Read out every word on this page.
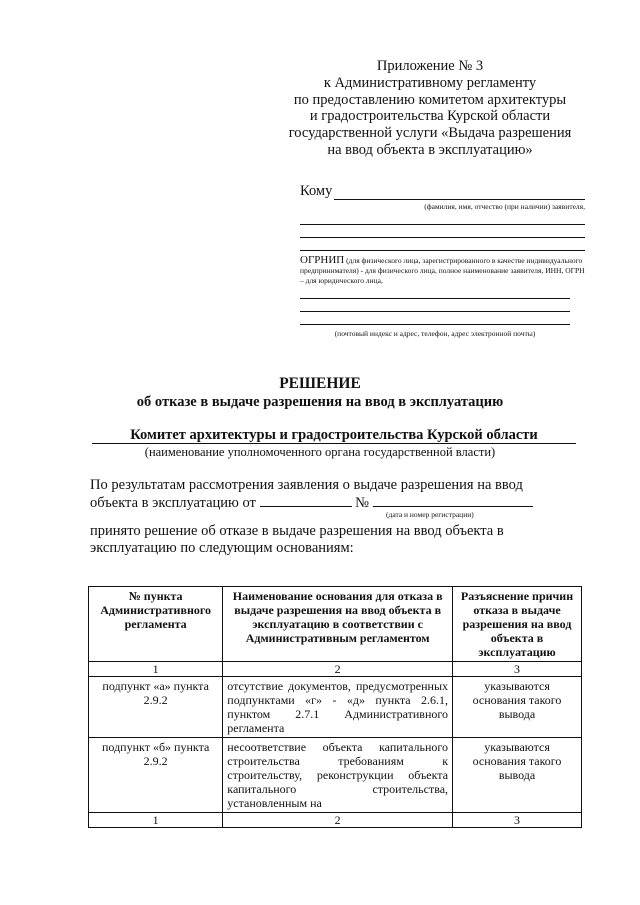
Приложение № 3
к Административному регламенту
по предоставлению комитетом архитектуры
и градостроительства Курской области
государственной услуги «Выдача разрешения
на ввод объекта в эксплуатацию»
Кому
(фамилия, имя, отчество (при наличии) заявителя,
ОГРНИП (для физического лица, зарегистрированного в качестве индивидуального предпринимателя) - для физического лица, полное наименование заявителя, ИНН, ОГРН – для юридического лица,
(почтовый индекс и адрес, телефон, адрес электронной почты)
РЕШЕНИЕ
об отказе в выдаче разрешения на ввод в эксплуатацию
Комитет архитектуры и градостроительства Курской области
(наименование уполномоченного органа государственной власти)
По результатам рассмотрения заявления о выдаче разрешения на ввод
объекта в эксплуатацию от	№
(дата и номер регистрации)
принято решение об отказе в выдаче разрешения на ввод объекта в
эксплуатацию по следующим основаниям:
№ пункта Административного регламента	Наименование основания для отказа в выдаче разрешения на ввод объекта в эксплуатацию в соответствии с Административным регламентом	Разъяснение причин отказа в выдаче разрешения на ввод объекта в эксплуатацию
1	2	3
подпункт «а» пункта 2.9.2	отсутствие документов, предусмотренных подпунктами «г» - «д» пункта 2.6.1, пунктом 2.7.1 Административного регламента	указываются основания такого вывода
подпункт «б» пункта 2.9.2	несоответствие объекта капитального строительства требованиям к строительству, реконструкции объекта капитального строительства, установленным на	указываются основания такого вывода
1	2	3
